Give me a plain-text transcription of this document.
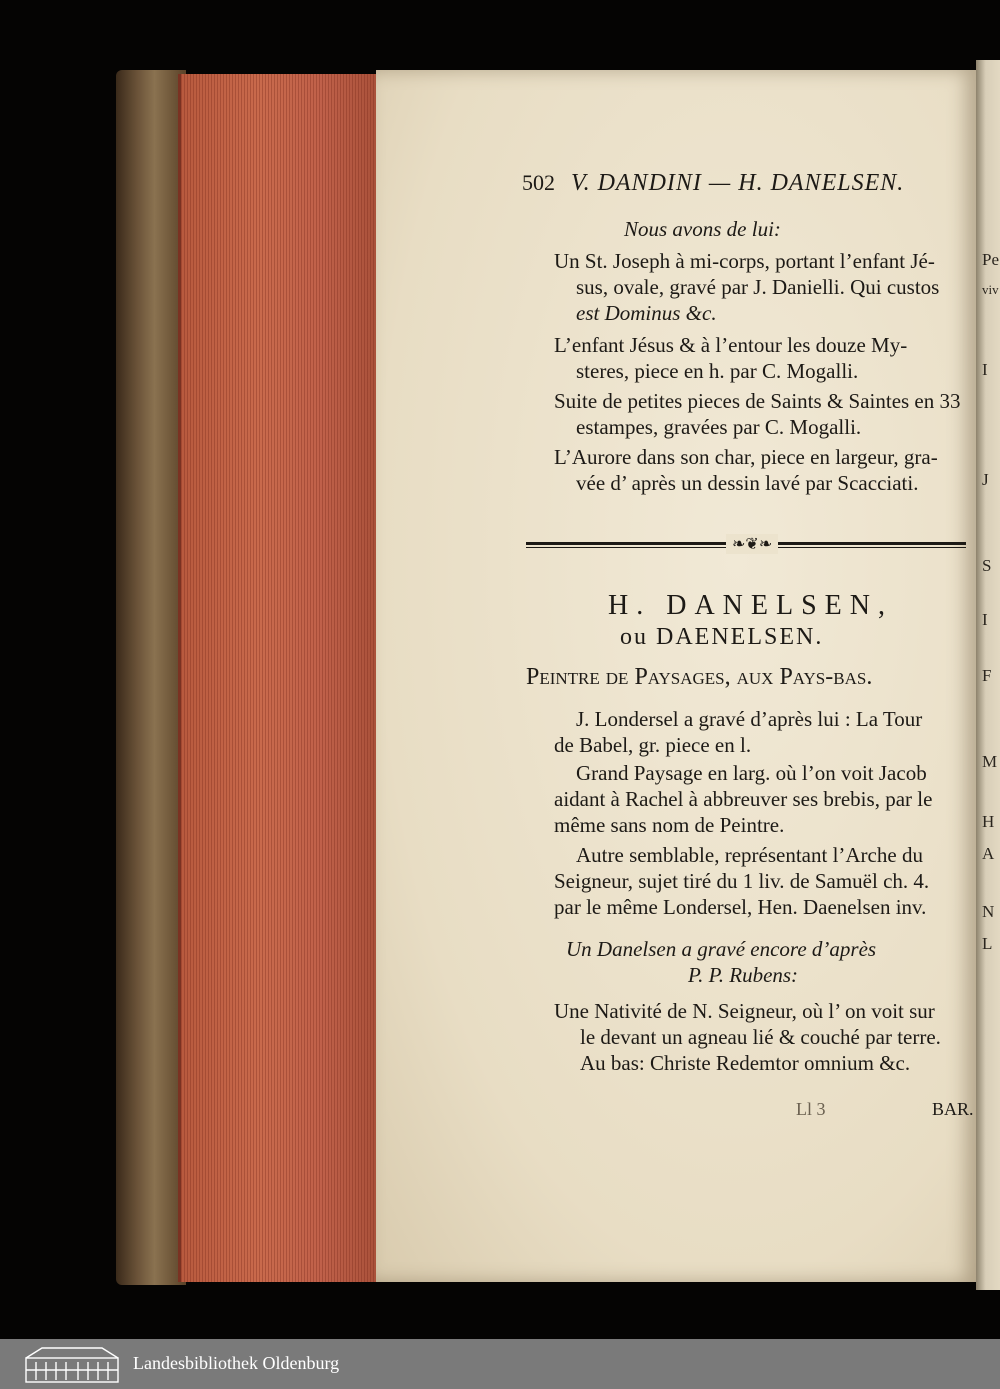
502 V. DANDINI — H. DANELSEN.
Nous avons de lui:
Un St. Joseph à mi-corps, portant l’enfant Jé-
sus, ovale, gravé par J. Danielli. Qui custos
est Dominus &c.
L’enfant Jésus & à l’entour les douze My-
steres, piece en h. par C. Mogalli.
Suite de petites pieces de Saints & Saintes en 33
estampes, gravées par C. Mogalli.
L’Aurore dans son char, piece en largeur, gra-
vée d’ après un dessin lavé par Scacciati.
❧❦❧
H. DANELSEN,
ou DAENELSEN.
Peintre de Paysages, aux Pays-bas.
J. Londersel a gravé d’après lui : La Tour
de Babel, gr. piece en l.
Grand Paysage en larg. où l’on voit Jacob
aidant à Rachel à abbreuver ses brebis, par le
même sans nom de Peintre.
Autre semblable, représentant l’Arche du
Seigneur, sujet tiré du 1 liv. de Samuël ch. 4.
par le même Londersel, Hen. Daenelsen inv.
Un Danelsen a gravé encore d’après
P. P. Rubens:
Une Nativité de N. Seigneur, où l’ on voit sur
le devant un agneau lié & couché par terre.
Au bas: Christe Redemtor omnium &c.
Ll 3	BAR.
Pe
viv
I
J
S
I
F
M
H
A
N
L
Landesbibliothek Oldenburg
